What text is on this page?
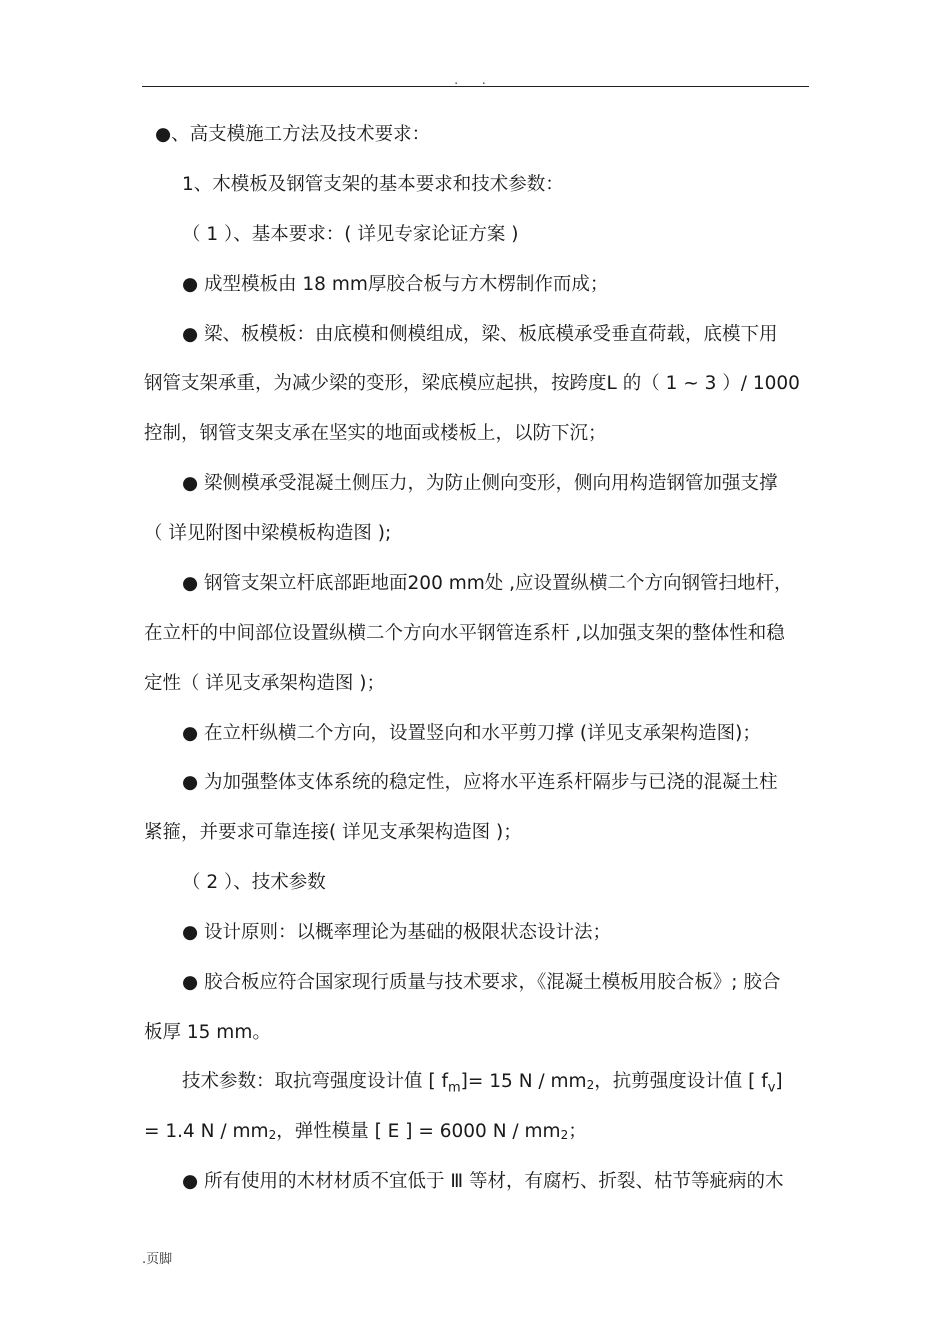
. .
●、高支模施工方法及技术要求：
1、木模板及钢管支架的基本要求和技术参数：
（ 1 ）、基本要求：( 详见专家论证方案 )
● 成型模板由 18 mm厚胶合板与方木楞制作而成；
● 梁、板模板：由底模和侧模组成，梁、板底模承受垂直荷载，底模下用
钢管支架承重，为减少梁的变形，梁底模应起拱，按跨度L 的（ 1 ~ 3 ）/ 1000
控制，钢管支架支承在坚实的地面或楼板上，以防下沉；
● 梁侧模承受混凝土侧压力，为防止侧向变形，侧向用构造钢管加强支撑
（ 详见附图中梁模板构造图 );
● 钢管支架立杆底部距地面200 mm处 ,应设置纵横二个方向钢管扫地杆，
在立杆的中间部位设置纵横二个方向水平钢管连系杆 ,以加强支架的整体性和稳
定性（ 详见支承架构造图 )；
● 在立杆纵横二个方向，设置竖向和水平剪刀撑 (详见支承架构造图)；
● 为加强整体支体系统的稳定性，应将水平连系杆隔步与已浇的混凝土柱
紧箍，并要求可靠连接( 详见支承架构造图 )；
（ 2 ）、技术参数
● 设计原则：以概率理论为基础的极限状态设计法；
● 胶合板应符合国家现行质量与技术要求，《混凝土模板用胶合板》; 胶合
板厚 15 mm。
技术参数：取抗弯强度设计值 [ $f_m]= 15$ N / mm2，抗剪强度设计值 [ $f_v$]
= 1.4 N / mm2，弹性模量 [ E ] = 6000 N / mm2；
● 所有使用的木材材质不宜低于 Ⅲ 等材，有腐朽、折裂、枯节等疵病的木
.页脚
